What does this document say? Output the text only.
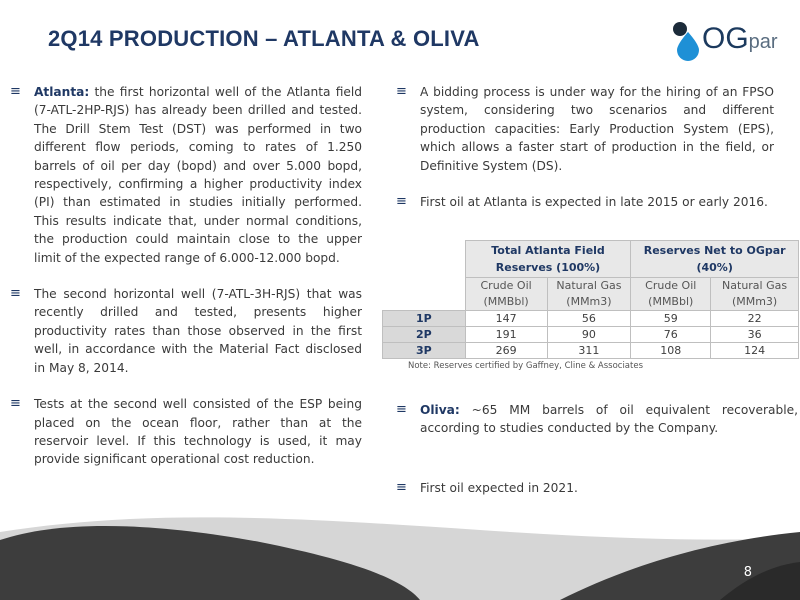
2Q14 PRODUCTION – ATLANTA & OLIVA	OGpar
≡ Atlanta: the first horizontal well of the Atlanta field (7-ATL-2HP-RJS) has already been drilled and tested. The Drill Stem Test (DST) was performed in two different flow periods, coming to rates of 1.250 barrels of oil per day (bopd) and over 5.000 bopd, respectively, confirming a higher productivity index (PI) than estimated in studies initially performed. This results indicate that, under normal conditions, the production could maintain close to the upper limit of the expected range of 6.000-12.000 bopd.
≡ The second horizontal well (7-ATL-3H-RJS) that was recently drilled and tested, presents higher productivity rates than those observed in the first well, in accordance with the Material Fact disclosed in May 8, 2014.
≡ Tests at the second well consisted of the ESP being placed on the ocean floor, rather than at the reservoir level. If this technology is used, it may provide significant operational cost reduction.
≡ A bidding process is under way for the hiring of an FPSO system, considering two scenarios and different production capacities: Early Production System (EPS), which allows a faster start of production in the field, or Definitive System (DS).
≡ First oil at Atlanta is expected in late 2015 or early 2016.
	Total Atlanta Field Reserves (100%)		Reserves Net to OGpar (40%)	
	Crude Oil (MMBbl)	Natural Gas (MMm3)	Crude Oil (MMBbl)	Natural Gas (MMm3)
1P	147	56	59	22
2P	191	90	76	36
3P	269	311	108	124
Note: Reserves certified by Gaffney, Cline & Associates
≡ Oliva: ~65 MM barrels of oil equivalent recoverable, according to studies conducted by the Company.
≡ First oil expected in 2021.
8
